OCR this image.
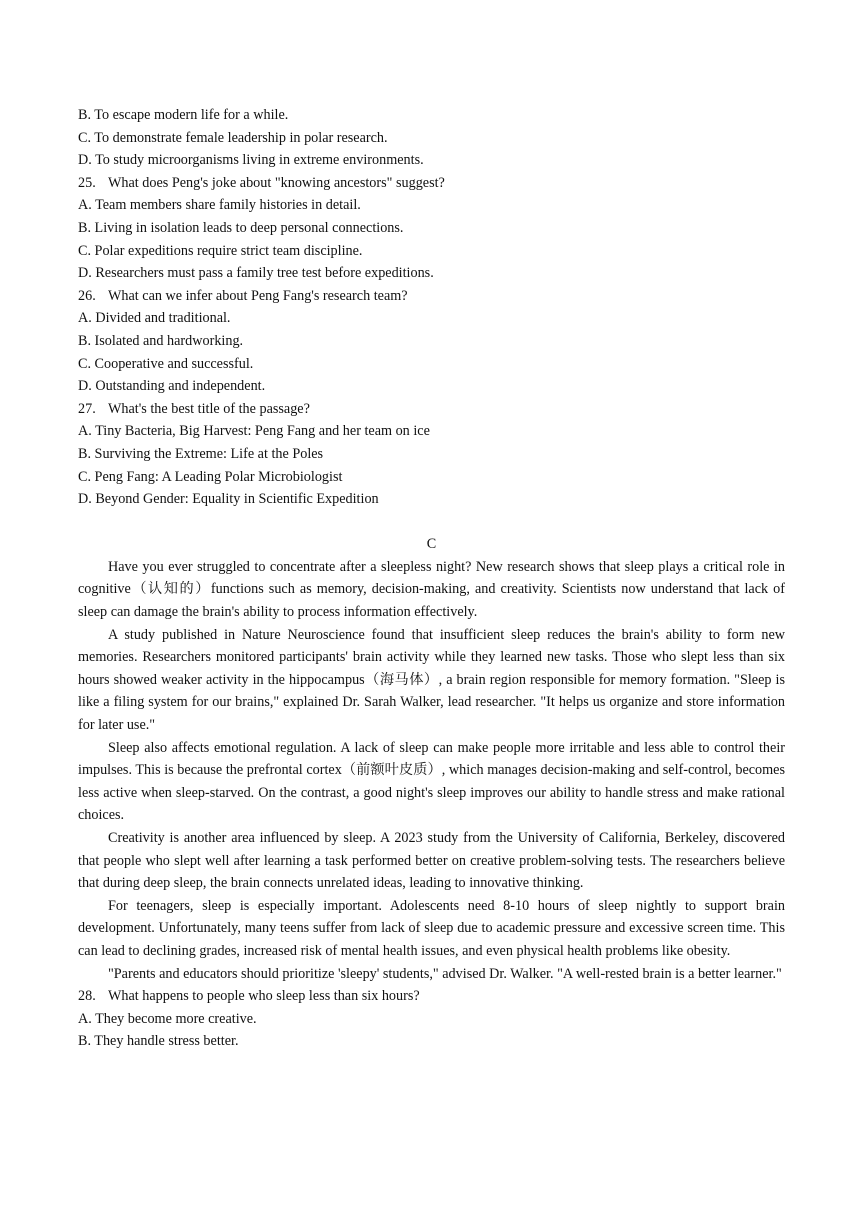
B. To escape modern life for a while.
C. To demonstrate female leadership in polar research.
D. To study microorganisms living in extreme environments.
25. What does Peng's joke about "knowing ancestors" suggest?
A. Team members share family histories in detail.
B. Living in isolation leads to deep personal connections.
C. Polar expeditions require strict team discipline.
D. Researchers must pass a family tree test before expeditions.
26. What can we infer about Peng Fang's research team?
A. Divided and traditional.
B. Isolated and hardworking.
C. Cooperative and successful.
D. Outstanding and independent.
27. What's the best title of the passage?
A. Tiny Bacteria, Big Harvest: Peng Fang and her team on ice
B. Surviving the Extreme: Life at the Poles
C. Peng Fang: A Leading Polar Microbiologist
D. Beyond Gender: Equality in Scientific Expedition
C

Have you ever struggled to concentrate after a sleepless night? New research shows that sleep plays a critical role in cognitive（认知的）functions such as memory, decision-making, and creativity. Scientists now understand that lack of sleep can damage the brain's ability to process information effectively.

A study published in Nature Neuroscience found that insufficient sleep reduces the brain's ability to form new memories. Researchers monitored participants' brain activity while they learned new tasks. Those who slept less than six hours showed weaker activity in the hippocampus（海马体）, a brain region responsible for memory formation. "Sleep is like a filing system for our brains," explained Dr. Sarah Walker, lead researcher. "It helps us organize and store information for later use."

Sleep also affects emotional regulation. A lack of sleep can make people more irritable and less able to control their impulses. This is because the prefrontal cortex（前额叶皮质）, which manages decision-making and self-control, becomes less active when sleep-starved. On the contrast, a good night's sleep improves our ability to handle stress and make rational choices.

Creativity is another area influenced by sleep. A 2023 study from the University of California, Berkeley, discovered that people who slept well after learning a task performed better on creative problem-solving tests. The researchers believe that during deep sleep, the brain connects unrelated ideas, leading to innovative thinking.

For teenagers, sleep is especially important. Adolescents need 8-10 hours of sleep nightly to support brain development. Unfortunately, many teens suffer from lack of sleep due to academic pressure and excessive screen time. This can lead to declining grades, increased risk of mental health issues, and even physical health problems like obesity.

"Parents and educators should prioritize 'sleepy' students," advised Dr. Walker. "A well-rested brain is a better learner."

28. What happens to people who sleep less than six hours?
A. They become more creative.
B. They handle stress better.
